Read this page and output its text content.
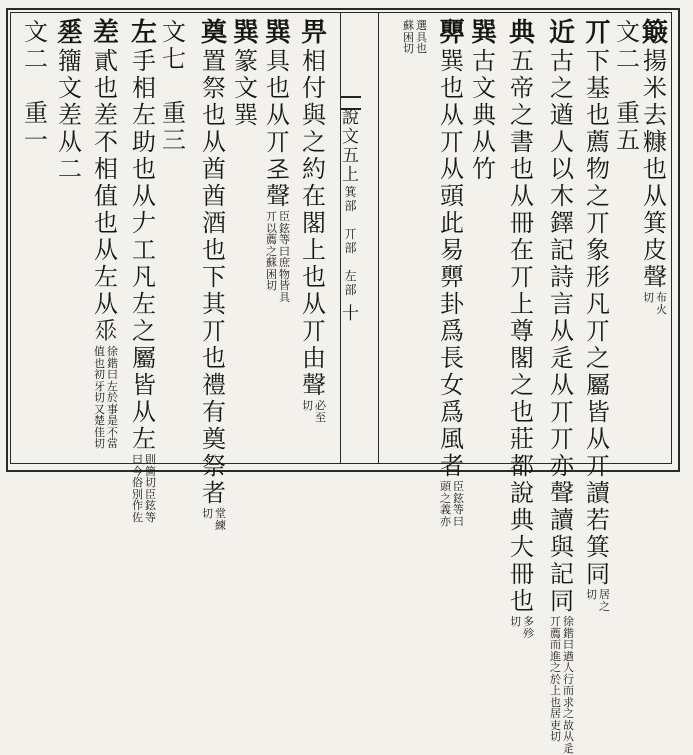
說
文
五
上
箕
部

丌
部

左
部
十
簸
揚
米
去
糠
也
从
箕
皮
聲
布
火
切
文
二

重
五
丌
下
基
也
薦
物
之
丌
象
形
凡
丌
之
屬
皆
从
丌
讀
若
箕
同
居
之
切
近
古
之
遒
人
以
木
鐸
記
詩
言
从
辵
从
丌
丌
亦
聲
讀
與
記
同
徐
鍇
曰
遒
人
行
而
求
之
故
从
辵
丌
薦
而
進
之
於
上
也
居
吏
切
典
五
帝
之
書
也
从
冊
在
丌
上
尊
閣
之
也
莊
都
說
典
大
冊
也
多
殄
切
巽
古
文
典
从
竹
顨
巽
也
从
丌
从
頭
此
易
顨
卦
爲
長
女
爲
風
者
臣
鉉
等
曰
頭
之
義
亦
選
具
也
蘇
困
切
畀
相
付
與
之
約
在
閣
上
也
从
丌
由
聲
必
至
切
巽
具
也
从
丌
𢀖
聲
臣
鉉
等
曰
庶
物
皆
具
丌
以
薦
之
蘇
困
切
巽
篆
文
巽
奠
置
祭
也
从
酋
酋
酒
也
下
其
丌
也
禮
有
奠
祭
者
堂
練
切
文
七

重
三
左
手
相
左
助
也
从
𠂇
工
凡
左
之
屬
皆
从
左
則
箇
切
臣
鉉
等
曰
今
俗
別
作
佐
差
貳
也
差
不
相
值
也
从
左
从
𠂹
徐
鍇
曰
左
於
事
是
不
當
值
也
初
牙
切
又
楚
佳
切
𢀩
籒
文
差
从
二
文
二

重
一
